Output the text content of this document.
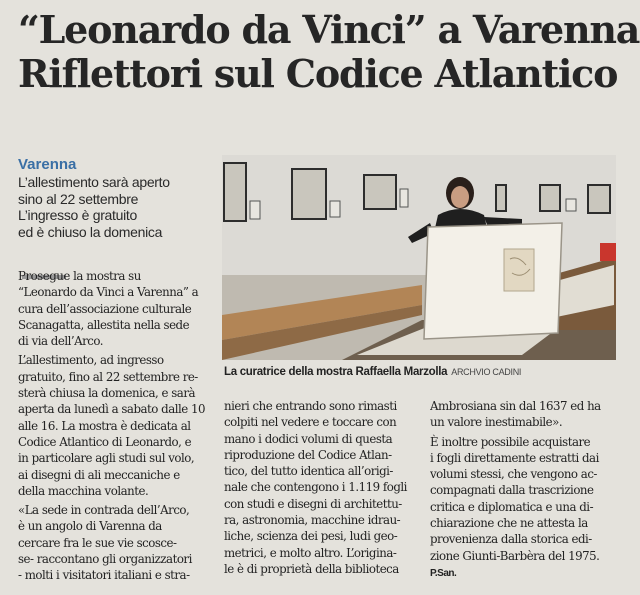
“Leonardo da Vinci” a Varenna
Riflettori sul Codice Atlantico
Varenna
L’allestimento sarà aperto
sino al 22 settembre
L’ingresso è gratuito
ed è chiuso la domenica
La curatrice della mostra Raffaella Marzolla ARCHVIO CADINI
Prosegue la mostra su
“Leonardo da Vinci a Varenna” a
cura dell’associazione culturale
Scanagatta, allestita nella sede
di via dell’Arco.
L’allestimento, ad ingresso
gratuito, fino al 22 settembre re-
sterà chiusa la domenica, e sarà
aperta da lunedì a sabato dalle 10
alle 16. La mostra è dedicata al
Codice Atlantico di Leonardo, e
in particolare agli studi sul volo,
ai disegni di ali meccaniche e
della macchina volante.
«La sede in contrada dell’Arco,
è un angolo di Varenna da
cercare fra le sue vie scosce-
se- raccontano gli organizzatori
- molti i visitatori italiani e stra-
nieri che entrando sono rimasti
colpiti nel vedere e toccare con
mano i dodici volumi di questa
riproduzione del Codice Atlan-
tico, del tutto identica all’origi-
nale che contengono i 1.119 fogli
con studi e disegni di architettu-
ra, astronomia, macchine idrau-
liche, scienza dei pesi, ludi geo-
metrici, e molto altro. L’origina-
le è di proprietà della biblioteca
Ambrosiana sin dal 1637 ed ha
un valore inestimabile».
È inoltre possibile acquistare
i fogli direttamente estratti dai
volumi stessi, che vengono ac-
compagnati dalla trascrizione
critica e diplomatica e una di-
chiarazione che ne attesta la
provenienza dalla storica edi-
zione Giunti-Barbèra del 1975.
P.San.
